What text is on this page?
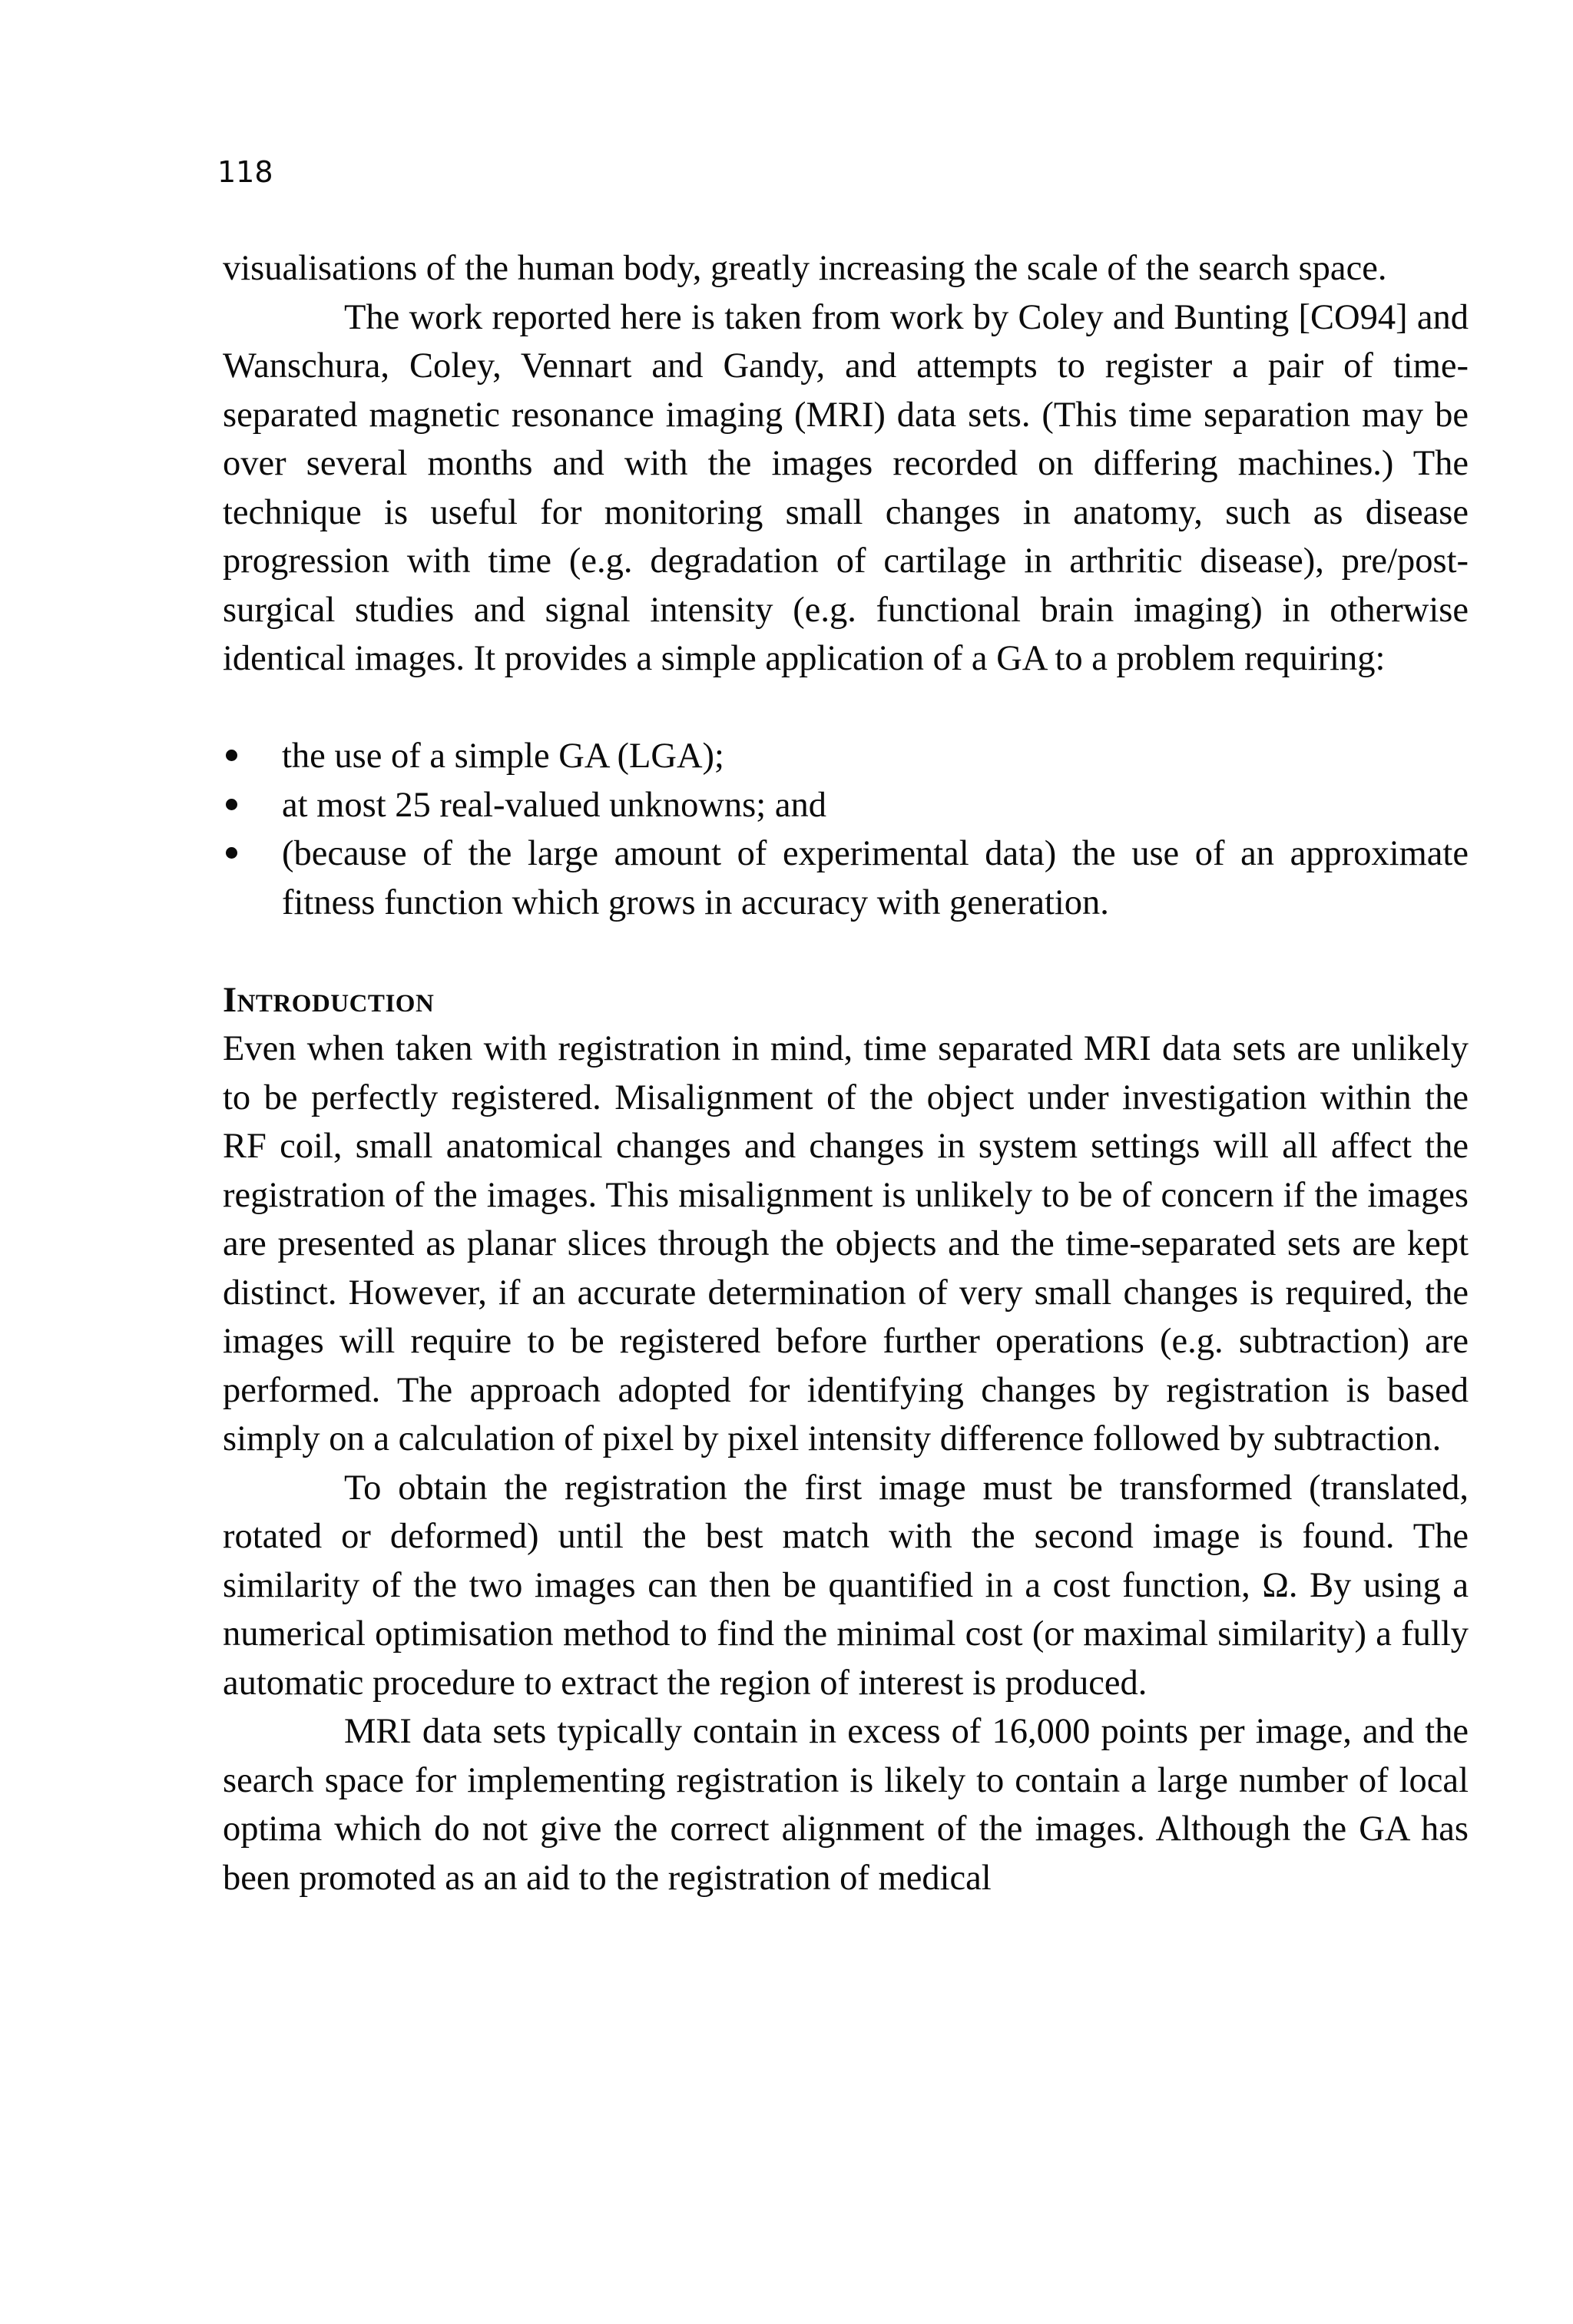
118

visualisations of the human body, greatly increasing the scale of the search space.

The work reported here is taken from work by Coley and Bunting [CO94] and Wanschura, Coley, Vennart and Gandy, and attempts to register a pair of time-separated magnetic resonance imaging (MRI) data sets. (This time separation may be over several months and with the images recorded on differing machines.) The technique is useful for monitoring small changes in anatomy, such as disease progression with time (e.g. degradation of cartilage in arthritic disease), pre/post-surgical studies and signal intensity (e.g. functional brain imaging) in otherwise identical images. It provides a simple application of a GA to a problem requiring:

the use of a simple GA (LGA);
at most 25 real-valued unknowns; and
(because of the large amount of experimental data) the use of an approximate fitness function which grows in accuracy with generation.
Introduction

Even when taken with registration in mind, time separated MRI data sets are unlikely to be perfectly registered. Misalignment of the object under investigation within the RF coil, small anatomical changes and changes in system settings will all affect the registration of the images. This misalignment is unlikely to be of concern if the images are presented as planar slices through the objects and the time-separated sets are kept distinct. However, if an accurate determination of very small changes is required, the images will require to be registered before further operations (e.g. subtraction) are performed. The approach adopted for identifying changes by registration is based simply on a calculation of pixel by pixel intensity difference followed by subtraction.

To obtain the registration the first image must be transformed (translated, rotated or deformed) until the best match with the second image is found. The similarity of the two images can then be quantified in a cost function, Ω. By using a numerical optimisation method to find the minimal cost (or maximal similarity) a fully automatic procedure to extract the region of interest is produced.

MRI data sets typically contain in excess of 16,000 points per image, and the search space for implementing registration is likely to contain a large number of local optima which do not give the correct alignment of the images. Although the GA has been promoted as an aid to the registration of medical
